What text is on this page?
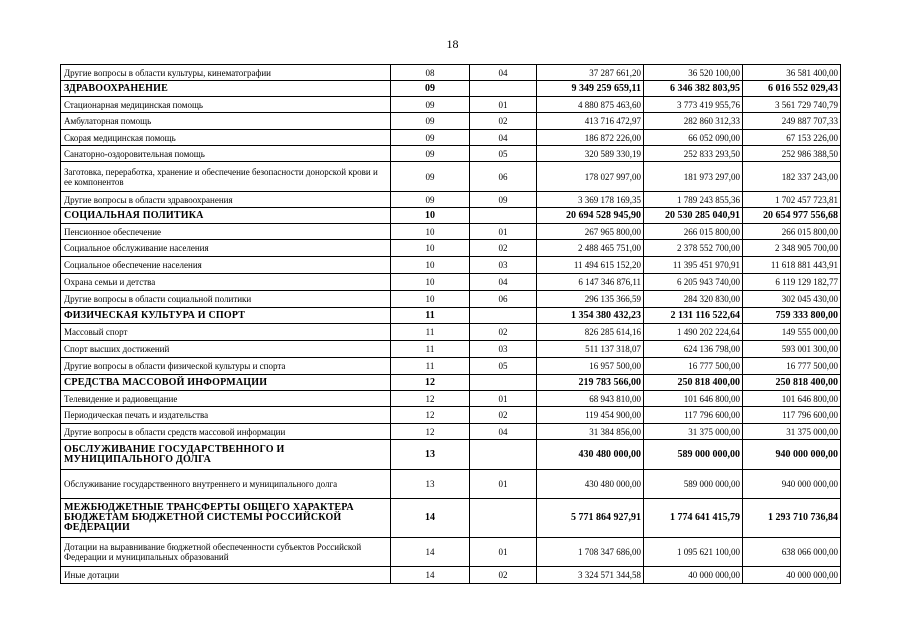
18
Другие вопросы в области культуры, кинематографии	08	04	37 287 661,20	36 520 100,00	36 581 400,00
ЗДРАВООХРАНЕНИЕ	09		9 349 259 659,11	6 346 382 803,95	6 016 552 029,43
Стационарная медицинская помощь	09	01	4 880 875 463,60	3 773 419 955,76	3 561 729 740,79
Амбулаторная помощь	09	02	413 716 472,97	282 860 312,33	249 887 707,33
Скорая медицинская помощь	09	04	186 872 226,00	66 052 090,00	67 153 226,00
Санаторно-оздоровительная помощь	09	05	320 589 330,19	252 833 293,50	252 986 388,50
Заготовка, переработка, хранение и обеспечение безопасности донорской крови и ее компонентов	09	06	178 027 997,00	181 973 297,00	182 337 243,00
Другие вопросы в области здравоохранения	09	09	3 369 178 169,35	1 789 243 855,36	1 702 457 723,81
СОЦИАЛЬНАЯ ПОЛИТИКА	10		20 694 528 945,90	20 530 285 040,91	20 654 977 556,68
Пенсионное обеспечение	10	01	267 965 800,00	266 015 800,00	266 015 800,00
Социальное обслуживание населения	10	02	2 488 465 751,00	2 378 552 700,00	2 348 905 700,00
Социальное обеспечение населения	10	03	11 494 615 152,20	11 395 451 970,91	11 618 881 443,91
Охрана семьи и детства	10	04	6 147 346 876,11	6 205 943 740,00	6 119 129 182,77
Другие вопросы в области социальной политики	10	06	296 135 366,59	284 320 830,00	302 045 430,00
ФИЗИЧЕСКАЯ КУЛЬТУРА И СПОРТ	11		1 354 380 432,23	2 131 116 522,64	759 333 800,00
Массовый спорт	11	02	826 285 614,16	1 490 202 224,64	149 555 000,00
Спорт высших достижений	11	03	511 137 318,07	624 136 798,00	593 001 300,00
Другие вопросы в области физической культуры и спорта	11	05	16 957 500,00	16 777 500,00	16 777 500,00
СРЕДСТВА МАССОВОЙ ИНФОРМАЦИИ	12		219 783 566,00	250 818 400,00	250 818 400,00
Телевидение и радиовещание	12	01	68 943 810,00	101 646 800,00	101 646 800,00
Периодическая печать и издательства	12	02	119 454 900,00	117 796 600,00	117 796 600,00
Другие вопросы в области средств массовой информации	12	04	31 384 856,00	31 375 000,00	31 375 000,00
ОБСЛУЖИВАНИЕ ГОСУДАРСТВЕННОГО И МУНИЦИПАЛЬНОГО ДОЛГА	13		430 480 000,00	589 000 000,00	940 000 000,00
Обслуживание государственного внутреннего и муниципального долга	13	01	430 480 000,00	589 000 000,00	940 000 000,00
МЕЖБЮДЖЕТНЫЕ ТРАНСФЕРТЫ ОБЩЕГО ХАРАКТЕРА БЮДЖЕТАМ БЮДЖЕТНОЙ СИСТЕМЫ РОССИЙСКОЙ ФЕДЕРАЦИИ	14		5 771 864 927,91	1 774 641 415,79	1 293 710 736,84
Дотации на выравнивание бюджетной обеспеченности субъектов Российской Федерации и муниципальных образований	14	01	1 708 347 686,00	1 095 621 100,00	638 066 000,00
Иные дотации	14	02	3 324 571 344,58	40 000 000,00	40 000 000,00
